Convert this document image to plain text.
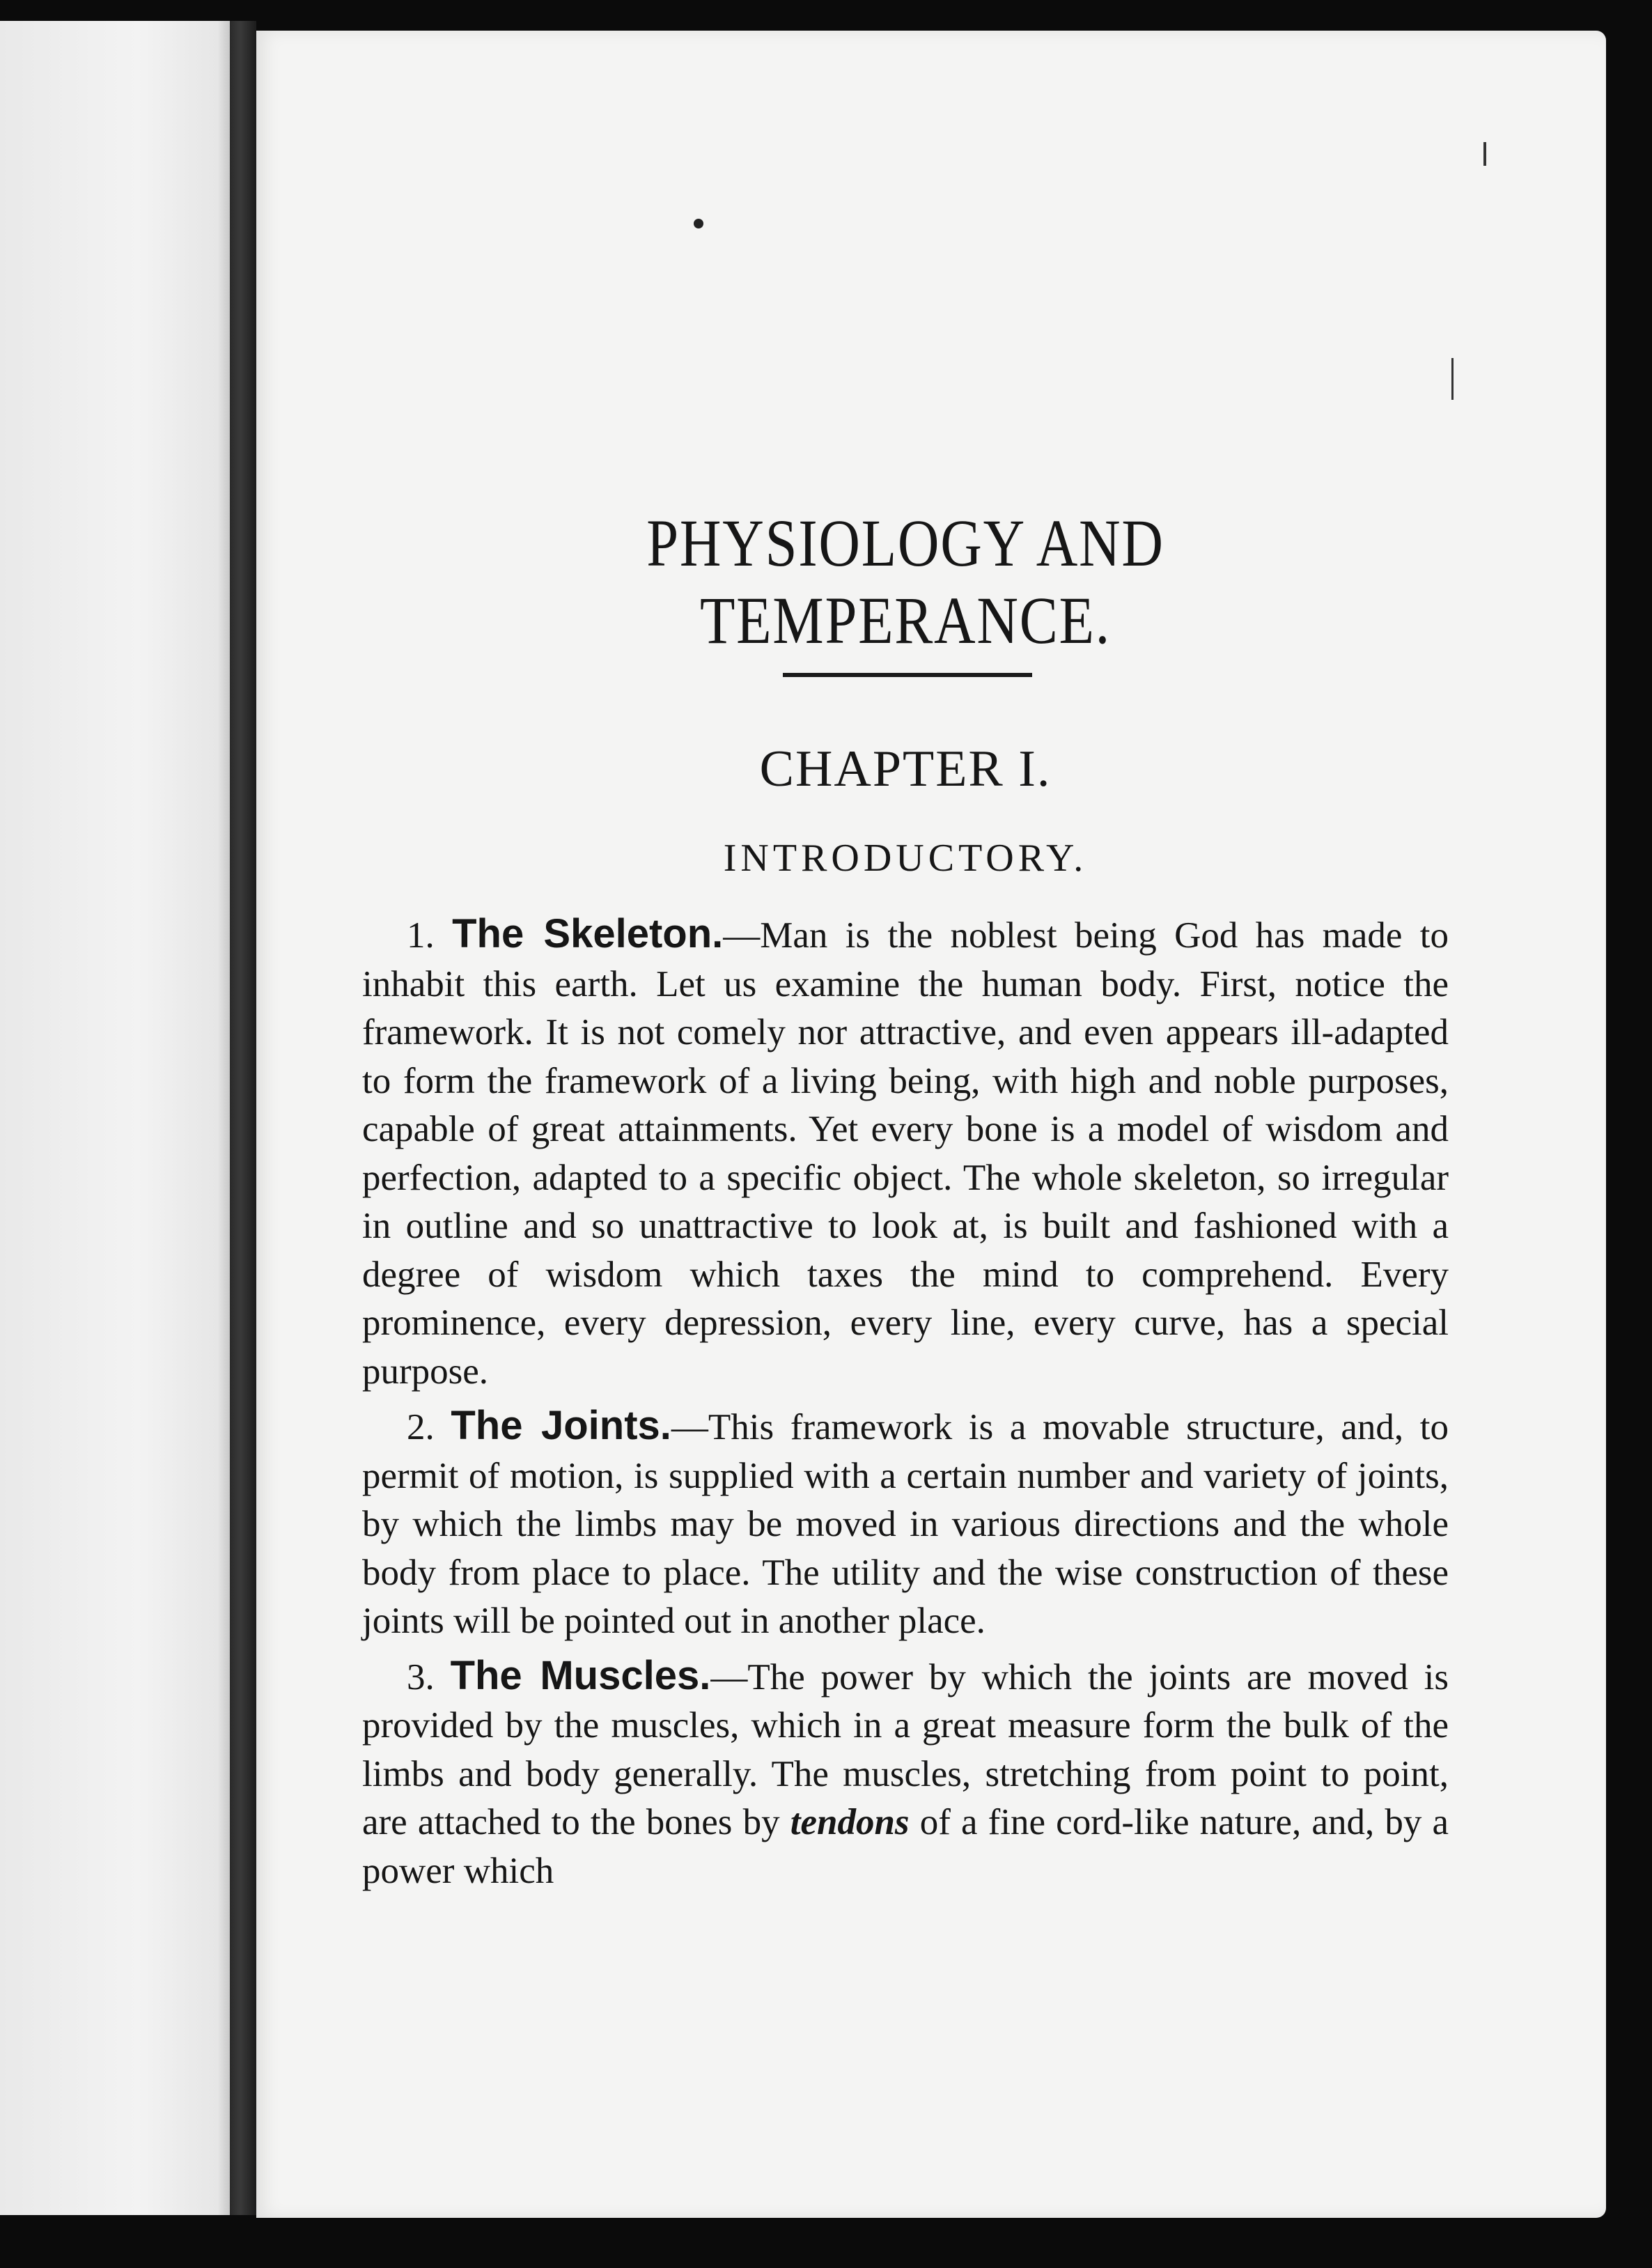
PHYSIOLOGY AND TEMPERANCE.
CHAPTER I.
INTRODUCTORY.

1. The Skeleton.—Man is the noblest being God has made to inhabit this earth. Let us examine the human body. First, notice the framework. It is not comely nor attractive, and even appears ill-adapted to form the framework of a living being, with high and noble purposes, capable of great attainments. Yet every bone is a model of wisdom and perfection, adapted to a specific object. The whole skeleton, so irregular in outline and so unattractive to look at, is built and fashioned with a degree of wisdom which taxes the mind to comprehend. Every prominence, every depression, every line, every curve, has a special purpose.

2. The Joints.—This framework is a movable structure, and, to permit of motion, is supplied with a certain number and variety of joints, by which the limbs may be moved in various directions and the whole body from place to place. The utility and the wise construction of these joints will be pointed out in another place.

3. The Muscles.—The power by which the joints are moved is provided by the muscles, which in a great measure form the bulk of the limbs and body generally. The muscles, stretching from point to point, are attached to the bones by tendons of a fine cord-like nature, and, by a power which
